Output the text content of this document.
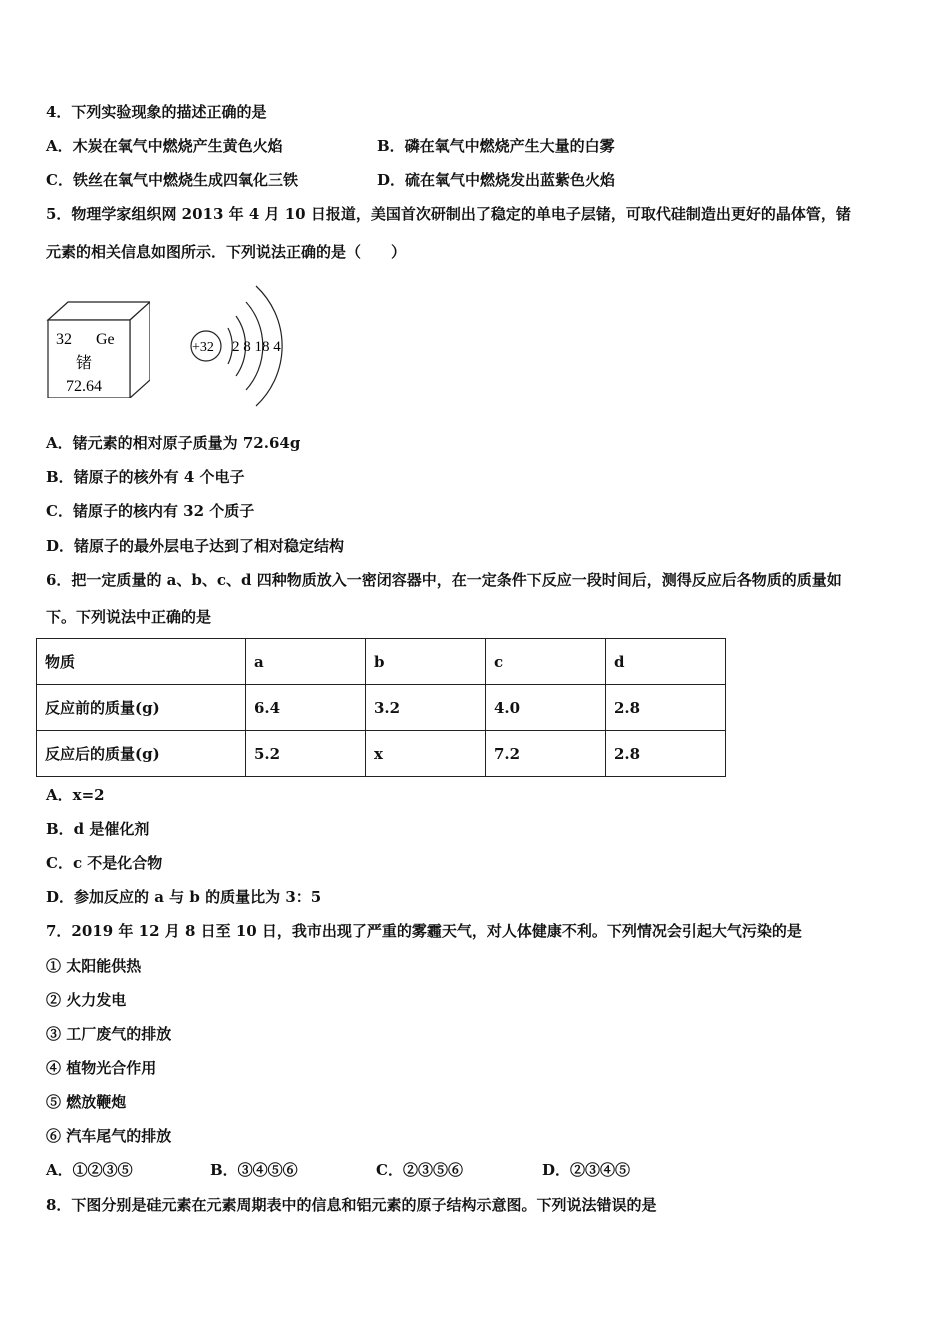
4．下列实验现象的描述正确的是
A．木炭在氧气中燃烧产生黄色火焰	B．磷在氧气中燃烧产生大量的白雾
C．铁丝在氧气中燃烧生成四氧化三铁	D．硫在氧气中燃烧发出蓝紫色火焰
5．物理学家组织网 2013 年 4 月 10 日报道，美国首次研制出了稳定的单电子层锗，可取代硅制造出更好的晶体管，锗
元素的相关信息如图所示．下列说法正确的是（　　）
32 Ge
锗
72.64
+32 2 8 18 4
A．锗元素的相对原子质量为 72.64g
B．锗原子的核外有 4 个电子
C．锗原子的核内有 32 个质子
D．锗原子的最外层电子达到了相对稳定结构
6．把一定质量的 a、b、c、d 四种物质放入一密闭容器中，在一定条件下反应一段时间后，测得反应后各物质的质量如
下。下列说法中正确的是
物质	a	b	c	d
反应前的质量(g)	6.4	3.2	4.0	2.8
反应后的质量(g)	5.2	x	7.2	2.8
A．x=2
B．d 是催化剂
C．c 不是化合物
D．参加反应的 a 与 b 的质量比为 3：5
7．2019 年 12 月 8 日至 10 日，我市出现了严重的雾霾天气，对人体健康不利。下列情况会引起大气污染的是
① 太阳能供热
② 火力发电
③ 工厂废气的排放
④ 植物光合作用
⑤ 燃放鞭炮
⑥ 汽车尾气的排放
A．①②③⑤	B．③④⑤⑥	C．②③⑤⑥	D．②③④⑤
8．下图分别是硅元素在元素周期表中的信息和铝元素的原子结构示意图。下列说法错误的是
